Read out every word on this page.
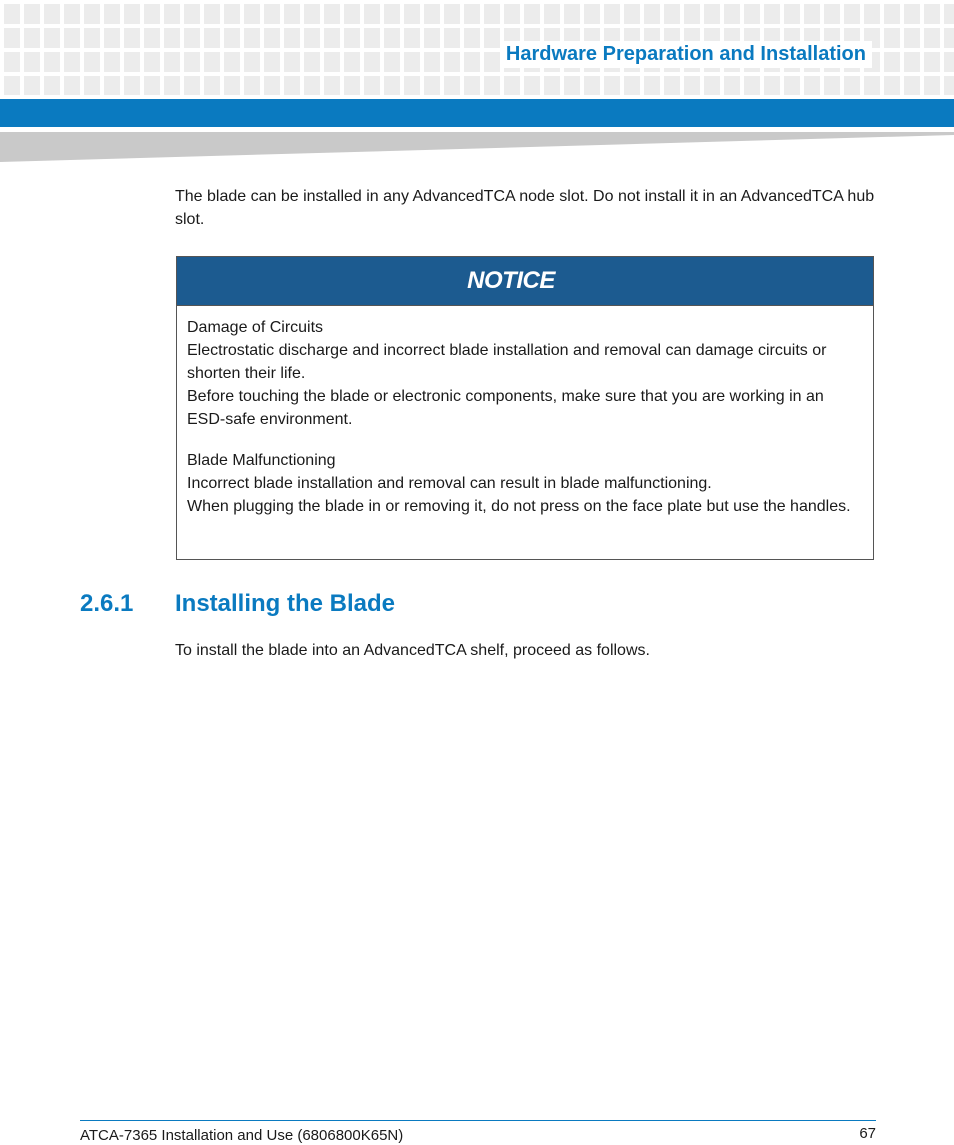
Hardware Preparation and Installation

The blade can be installed in any AdvancedTCA node slot. Do not install it in an AdvancedTCA hub slot.

NOTICE

Damage of Circuits

Electrostatic discharge and incorrect blade installation and removal can damage circuits or shorten their life.

Before touching the blade or electronic components, make sure that you are working in an ESD-safe environment.

Blade Malfunctioning

Incorrect blade installation and removal can result in blade malfunctioning.

When plugging the blade in or removing it, do not press on the face plate but use the handles.

2.6.1 Installing the Blade

To install the blade into an AdvancedTCA shelf, proceed as follows.

ATCA-7365 Installation and Use (6806800K65N)	67
